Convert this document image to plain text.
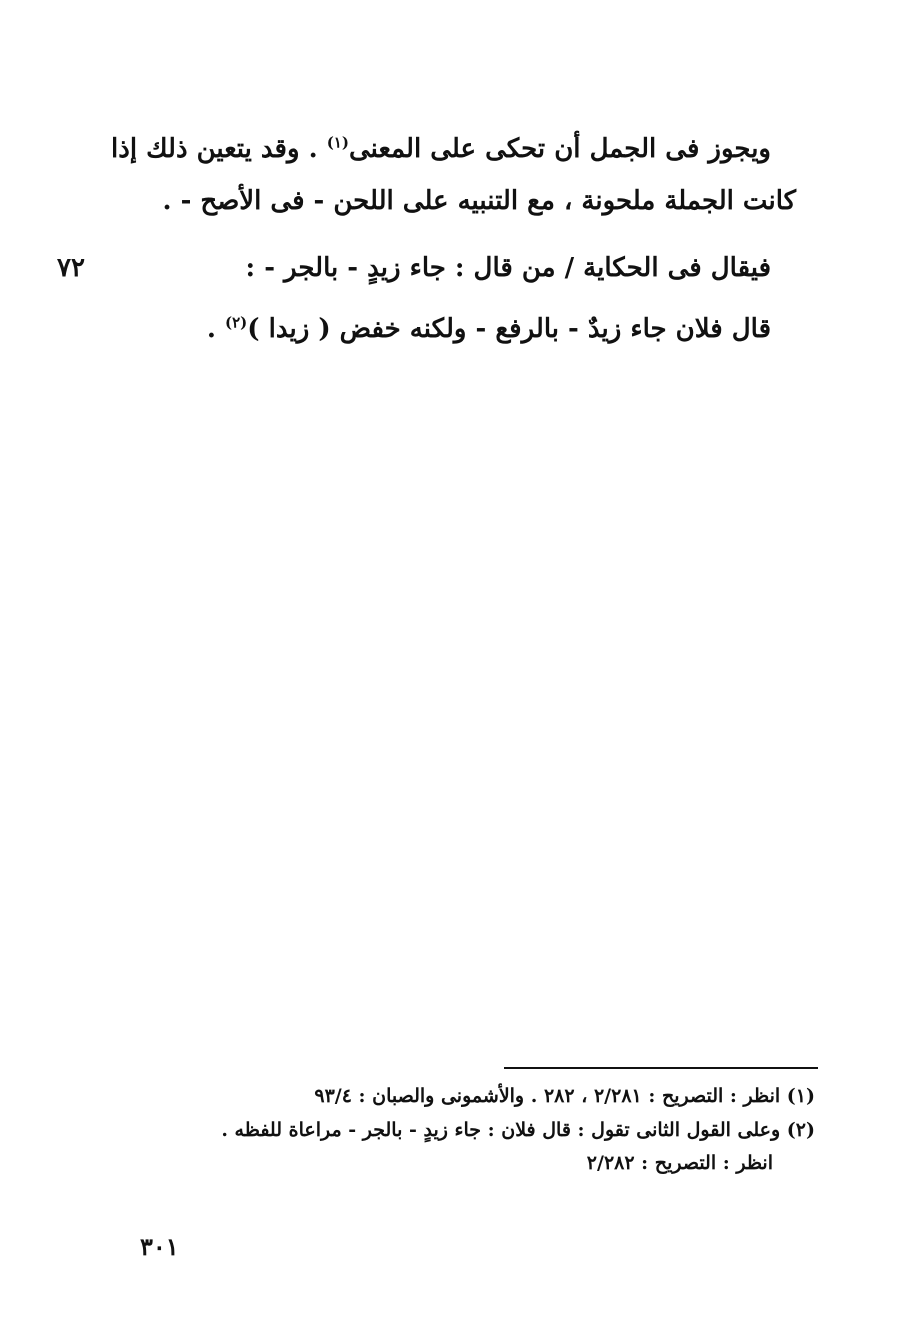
ويجوز فى الجمل أن تحكى على المعنى$^{(١)}$ . وقد يتعين ذلك إذا
كانت الجملة ملحونة ، مع التنبيه على اللحن - فى الأصح - .
فيقال فى الحكاية / من قال : جاء زيدٍ - بالجر - :
٧٢
قال فلان جاء زيدٌ - بالرفع - ولكنه خفض ( زيدا )$^{(٢)}$ .
(١) انظر : التصريح : ٢/٢٨١ ، ٢٨٢ . والأشمونى والصبان : ٩٣/٤
(٢) وعلى القول الثانى تقول : قال فلان : جاء زيدٍ - بالجر - مراعاة للفظه .
انظر : التصريح : ٢/٢٨٢
٣٠١
